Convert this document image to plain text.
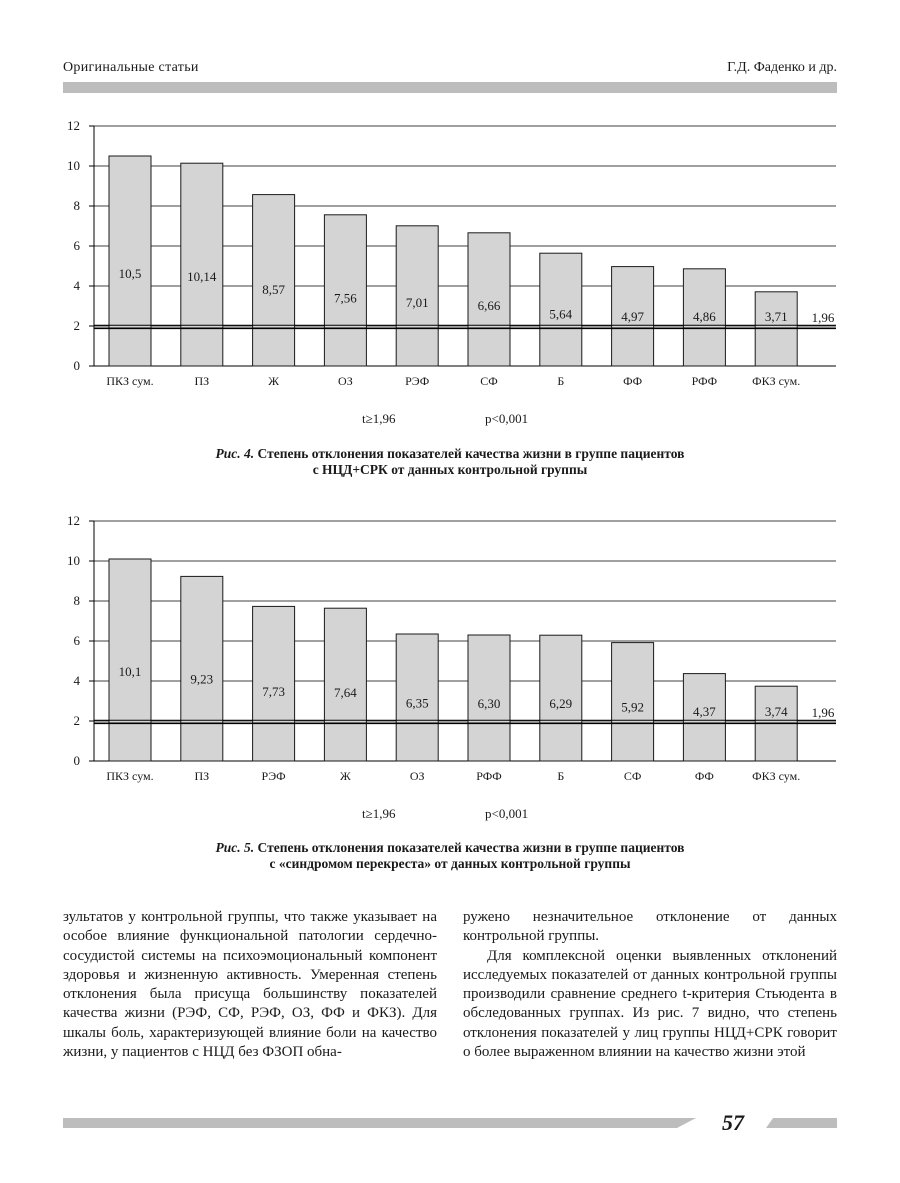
Оригинальные статьи	Г.Д. Фаденко и др.
0
2
4
6
8
10
12
10,5
ПКЗ сум.
10,14
ПЗ
8,57
Ж
7,56
ОЗ
7,01
РЭФ
6,66
СФ
5,64
Б
4,97
ФФ
4,86
РФФ
3,71
ФКЗ сум.
1,96
t≥1,96	p<0,001
Рис. 4. Степень отклонения показателей качества жизни в группе пациентов
с НЦД+СРК от данных контрольной группы
0
2
4
6
8
10
12
10,1
ПКЗ сум.
9,23
ПЗ
7,73
РЭФ
7,64
Ж
6,35
ОЗ
6,30
РФФ
6,29
Б
5,92
СФ
4,37
ФФ
3,74
ФКЗ сум.
1,96
t≥1,96	p<0,001
Рис. 5. Степень отклонения показателей качества жизни в группе пациентов
с «синдромом перекреста» от данных контрольной группы

зультатов у контрольной группы, что также указывает на особое влияние функциональной патологии сердечно-сосудистой системы на психоэмоциональный компонент здоровья и жизненную активность. Умеренная степень отклонения была присуща большинству показателей качества жизни (РЭФ, СФ, РЭФ, ОЗ, ФФ и ФКЗ). Для шкалы боль, характеризующей влияние боли на качество жизни, у пациентов с НЦД без ФЗОП обна-

ружено незначительное отклонение от данных контрольной группы.

Для комплексной оценки выявленных отклонений исследуемых показателей от данных контрольной группы производили сравнение среднего t-критерия Стьюдента в обследованных группах. Из рис. 7 видно, что степень отклонения показателей у лиц группы НЦД+СРК говорит о более выраженном влиянии на качество жизни этой

57
